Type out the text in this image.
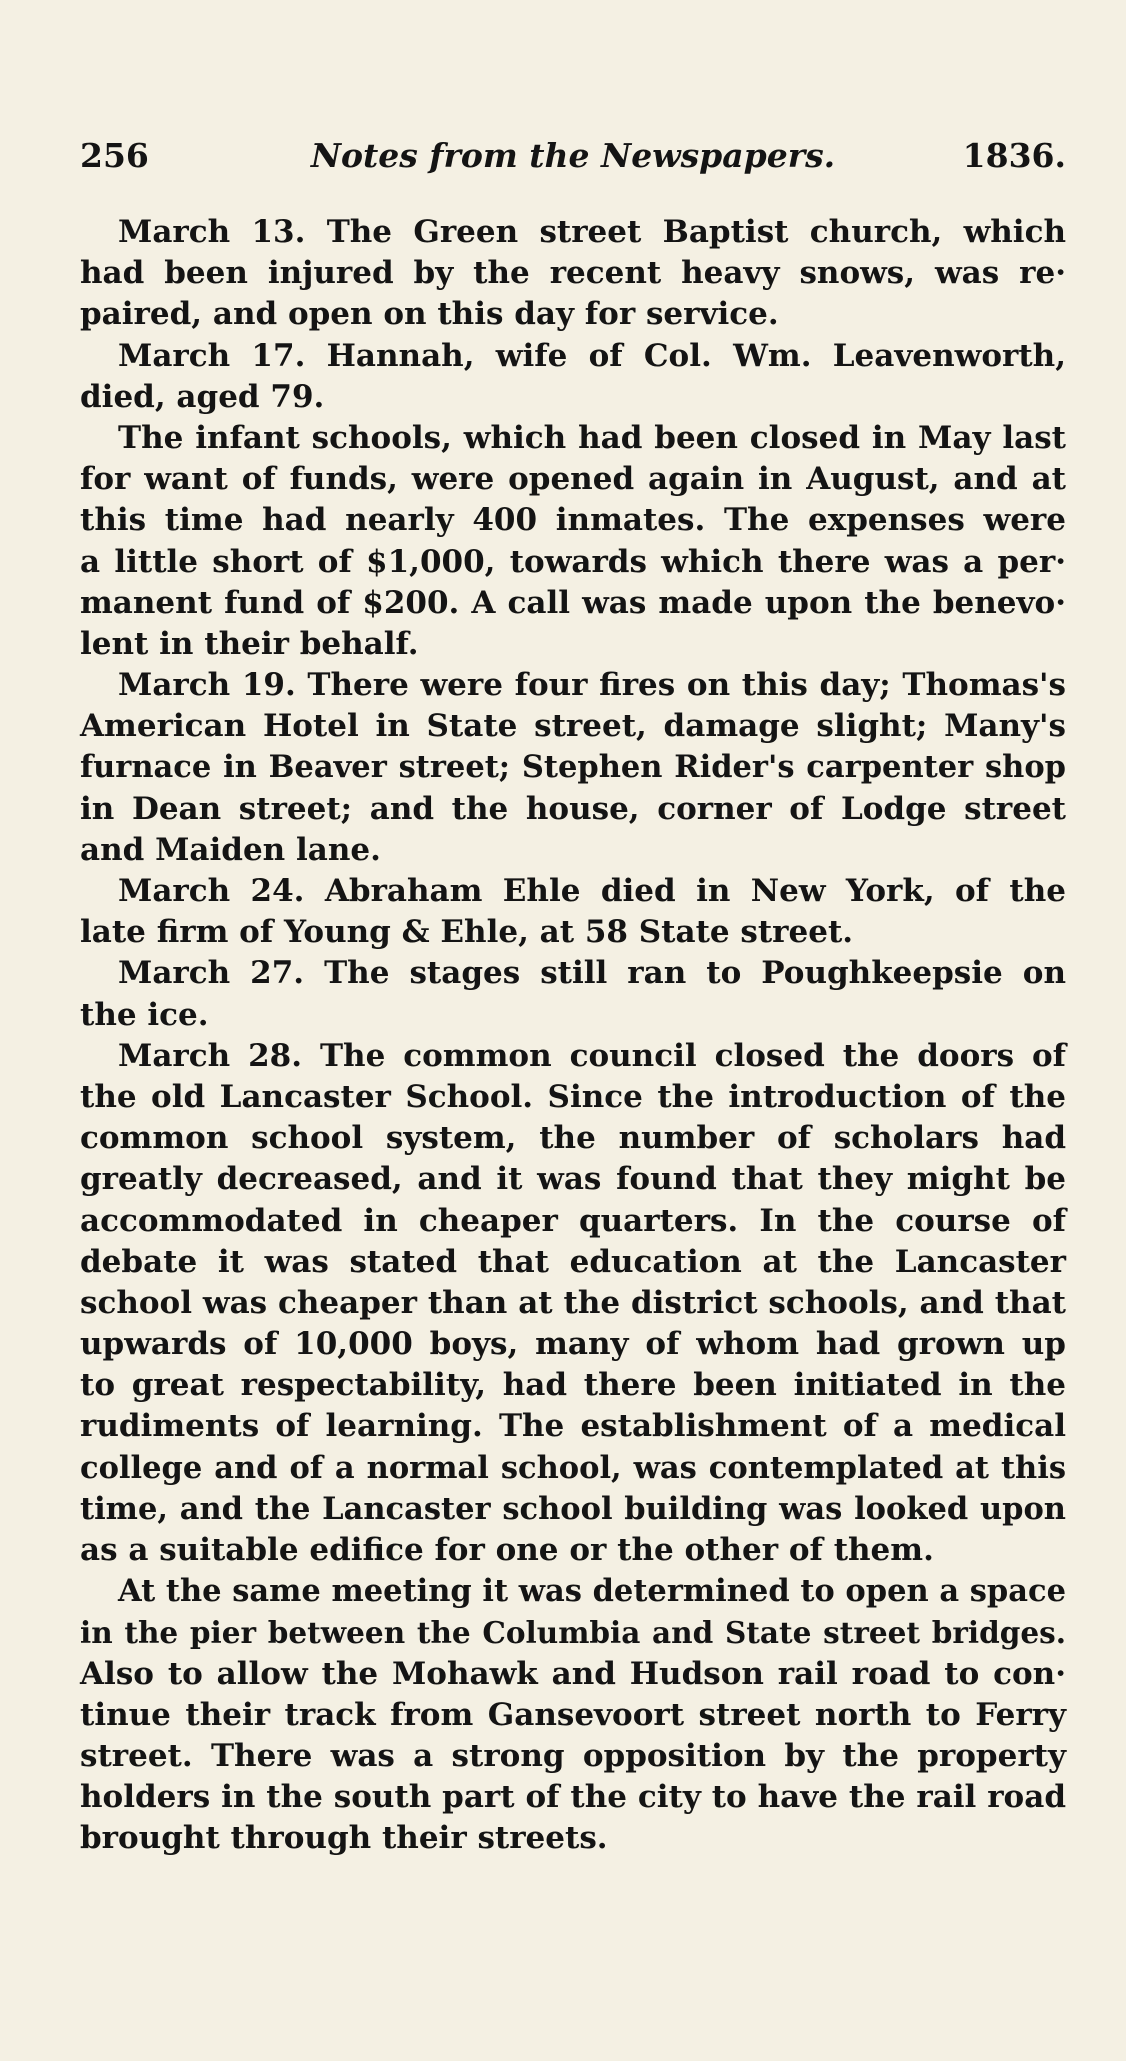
256	Notes from the Newspapers.	1836.
March 13. The Green street Baptist church, which
had been injured by the recent heavy snows, was re·
paired, and open on this day for service.
March 17. Hannah, wife of Col. Wm. Leavenworth,
died, aged 79.
The infant schools, which had been closed in May last
for want of funds, were opened again in August, and at
this time had nearly 400 inmates. The expenses were
a little short of $1,000, towards which there was a per·
manent fund of $200. A call was made upon the benevo·
lent in their behalf.
March 19. There were four fires on this day; Thomas's
American Hotel in State street, damage slight; Many's
furnace in Beaver street; Stephen Rider's carpenter shop
in Dean street; and the house, corner of Lodge street
and Maiden lane.
March 24. Abraham Ehle died in New York, of the
late firm of Young & Ehle, at 58 State street.
March 27. The stages still ran to Poughkeepsie on
the ice.
March 28. The common council closed the doors of
the old Lancaster School. Since the introduction of the
common school system, the number of scholars had
greatly decreased, and it was found that they might be
accommodated in cheaper quarters. In the course of
debate it was stated that education at the Lancaster
school was cheaper than at the district schools, and that
upwards of 10,000 boys, many of whom had grown up
to great respectability, had there been initiated in the
rudiments of learning. The establishment of a medical
college and of a normal school, was contemplated at this
time, and the Lancaster school building was looked upon
as a suitable edifice for one or the other of them.
At the same meeting it was determined to open a space
in the pier between the Columbia and State street bridges.
Also to allow the Mohawk and Hudson rail road to con·
tinue their track from Gansevoort street north to Ferry
street. There was a strong opposition by the property
holders in the south part of the city to have the rail road
brought through their streets.
